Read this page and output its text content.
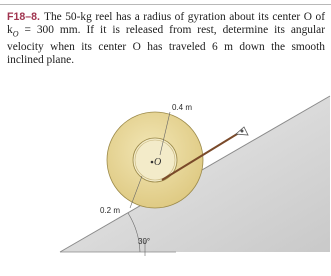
F18–8. The 50-kg reel has a radius of gyration about its center O of $k_O = 300$ mm. If it is released from rest, determine its angular velocity when its center O has traveled 6 m down the smooth inclined plane.
0.4 m
0.2 m
O
30°
